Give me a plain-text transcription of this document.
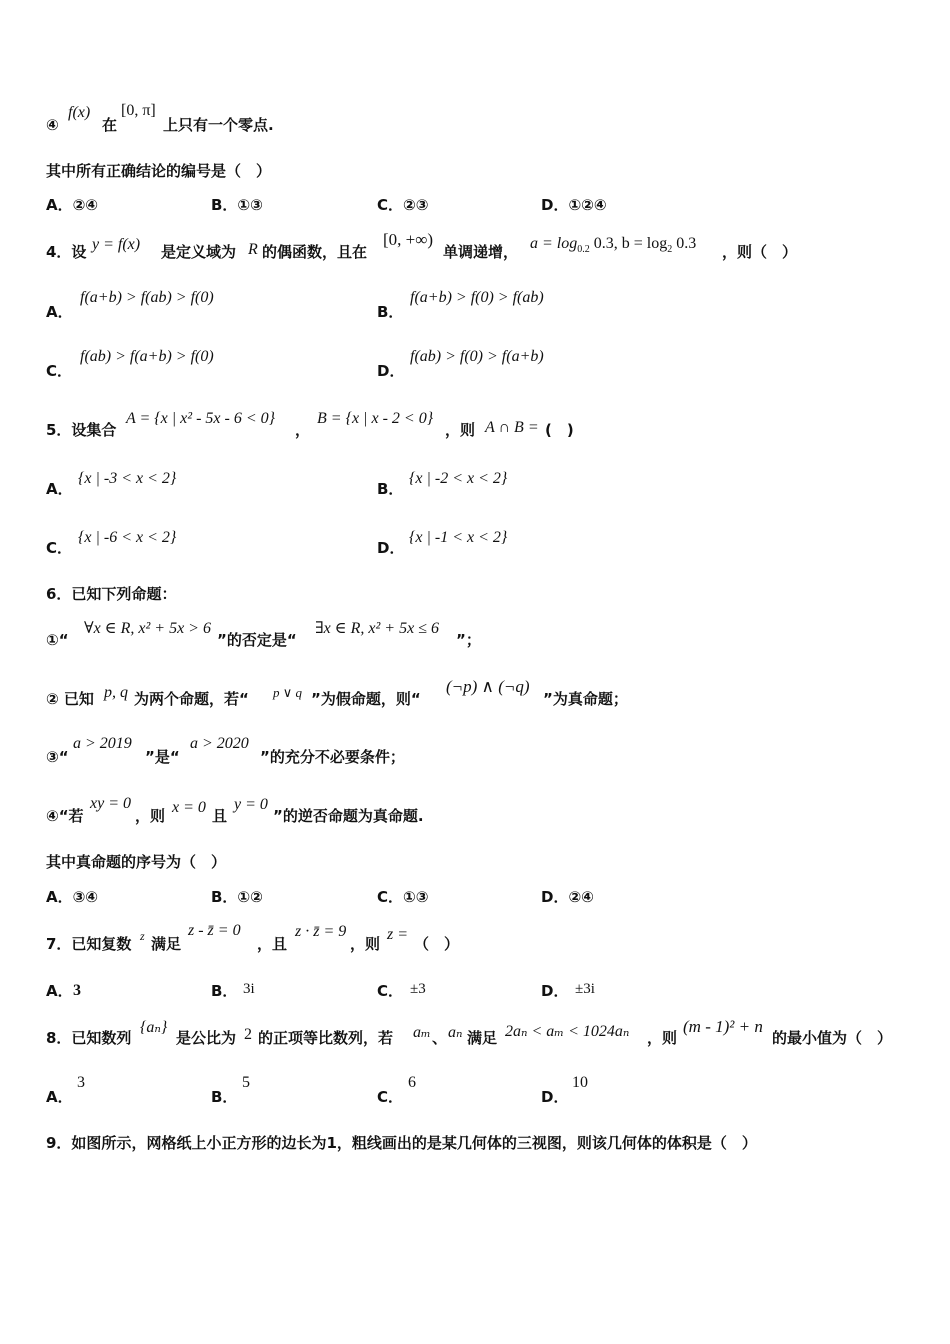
④
f(x)
在
[0, π]
上只有一个零点.
其中所有正确结论的编号是（　）
A．②④	B．①③	C．②③	D．①②④
4．设 y = f(x) 是定义域为 R 的偶函数，且在
[0, +∞)
单调递增， $a = \log_{0.2} 0.3$, $b = \log_2 0.3$ ，则（　）
A．
f(a+b) > f(ab) > f(0)
B．
f(a+b) > f(0) > f(ab)
C．
f(ab) > f(a+b) > f(0)
D．
f(ab) > f(0) > f(a+b)
5．设集合
A = {x | x² - 5x - 6 < 0}
，
B = {x | x - 2 < 0}
，则 A ∩ B = (　)
A．
{x | -3 < x < 2}
B．
{x | -2 < x < 2}
C．
{x | -6 < x < 2}
D．
{x | -1 < x < 2}
6．已知下列命题：
①“
∀x ∈ R, x² + 5x > 6
”的否定是“
∃x ∈ R, x² + 5x ≤ 6
”；
② 已知 p, q 为两个命题，若“ p ∨ q ”为假命题，则“
(¬p) ∧ (¬q)
”为真命题；
③“
a > 2019
”是“
a > 2020
”的充分不必要条件；
④“若
xy = 0
，则 x = 0 且
y = 0
”的逆否命题为真命题.
其中真命题的序号为（　）
A．③④	B．①②	C．①③	D．②④
7．已知复数 z 满足
z - z̄ = 0
，且
z · z̄ = 9
，则
z =
（　）
A． 3	B． 3i	C． ±3	D． ±3i
8．已知数列
{aₙ}
是公比为 2 的正项等比数列，若 aₘ 、 aₙ 满足 2aₙ < aₘ < 1024aₙ ，则
(m - 1)² + n
的最小值为（　）
A．
3
B．
5
C．
6
D．
10
9．如图所示，网格纸上小正方形的边长为1，粗线画出的是某几何体的三视图，则该几何体的体积是（　）
